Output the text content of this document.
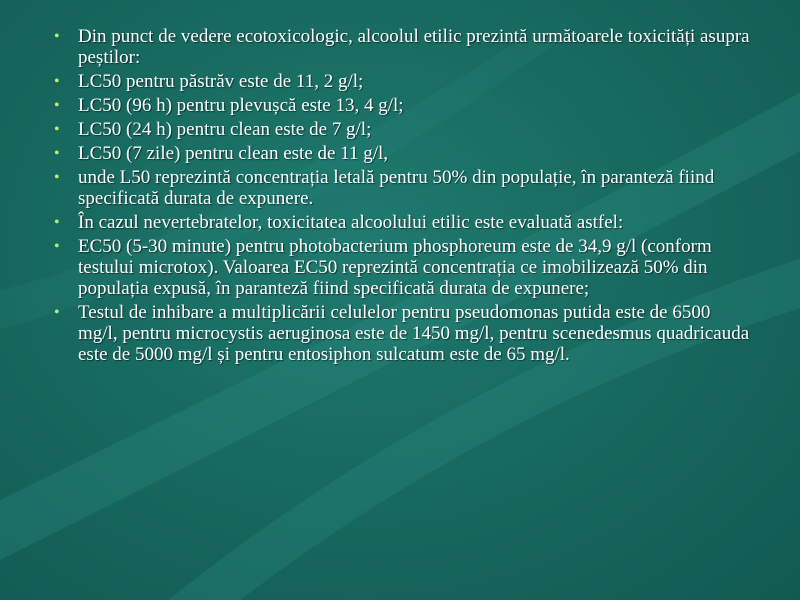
• Din punct de vedere ecotoxicologic, alcoolul etilic prezintă următoarele toxicități asupra peștilor:
• LC50 pentru păstrăv este de 11, 2 g/l;
• LC50 (96 h) pentru plevușcă este 13, 4 g/l;
• LC50 (24 h) pentru clean este de 7 g/l;
• LC50 (7 zile) pentru clean este de 11 g/l,
• unde L50 reprezintă concentrația letală pentru 50% din populație, în paranteză fiind specificată durata de expunere.
• În cazul nevertebratelor, toxicitatea alcoolului etilic este evaluată astfel:
• EC50 (5-30 minute) pentru photobacterium phosphoreum este de 34,9 g/l (conform testului microtox). Valoarea EC50 reprezintă concentrația ce imobilizează 50% din populația expusă, în paranteză fiind specificată durata de expunere;
• Testul de inhibare a multiplicării celulelor pentru pseudomonas putida este de 6500 mg/l, pentru microcystis aeruginosa este de 1450 mg/l, pentru scenedesmus quadricauda este de 5000 mg/l și pentru entosiphon sulcatum este de 65 mg/l.
